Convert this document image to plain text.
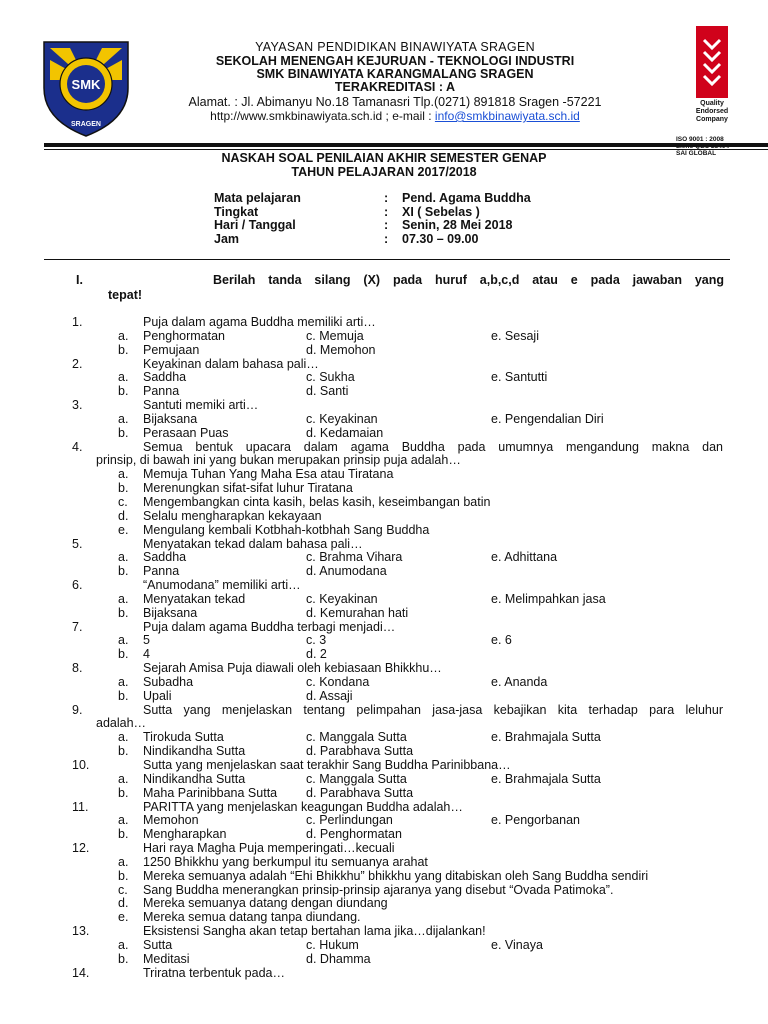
SMK
SRAGEN
Quality
Endorsed
Company
ISO 9001 : 2008
SAI GLOBAL
YAYASAN PENDIDIKAN BINAWIYATA SRAGEN
SEKOLAH MENENGAH KEJURUAN - TEKNOLOGI INDUSTRI
SMK BINAWIYATA KARANGMALANG SRAGEN
TERAKREDITASI : A
Alamat. : Jl. Abimanyu No.18 Tamanasri Tlp.(0271) 891818 Sragen -57221
http://www.smkbinawiyata.sch.id ; e-mail : info@smkbinawiyata.sch.id
NASKAH SOAL PENILAIAN AKHIR SEMESTER GENAP
TAHUN PELAJARAN 2017/2018
Mata pelajaran	: Pend. Agama Buddha
Tingkat	: XI ( Sebelas )
Hari / Tanggal	: Senin, 28 Mei 2018
Jam	: 07.30 – 09.00
I.	Berilah tanda silang (X) pada huruf a,b,c,d atau e pada jawaban yang
tepat!
1.	Puja dalam agama Buddha memiliki arti…
a. Penghormatan	c. Memuja	e. Sesaji
b. Pemujaan	d. Memohon
2.	Keyakinan dalam bahasa pali…
a. Saddha	c. Sukha	e. Santutti
b. Panna	d. Santi
3.	Santuti memiki arti…
a. Bijaksana	c. Keyakinan	e. Pengendalian Diri
b. Perasaan Puas	d. Kedamaian
4.	Semua bentuk upacara dalam agama Buddha pada umumnya mengandung makna dan
prinsip, di bawah ini yang bukan merupakan prinsip puja adalah…
a. Memuja Tuhan Yang Maha Esa atau Tiratana
b. Merenungkan sifat-sifat luhur Tiratana
c. Mengembangkan cinta kasih, belas kasih, keseimbangan batin
d. Selalu mengharapkan kekayaan
e. Mengulang kembali Kotbhah-kotbhah Sang Buddha
5.	Menyatakan tekad dalam bahasa pali…
a. Saddha	c. Brahma Vihara	e. Adhittana
b. Panna	d. Anumodana
6.	“Anumodana” memiliki arti…
a. Menyatakan tekad	c. Keyakinan	e. Melimpahkan jasa
b. Bijaksana	d. Kemurahan hati
7.	Puja dalam agama Buddha terbagi menjadi…
a. 5	c. 3	e. 6
b. 4	d. 2
8.	Sejarah Amisa Puja diawali oleh kebiasaan Bhikkhu…
a. Subadha	c. Kondana	e. Ananda
b. Upali	d. Assaji
9.	Sutta yang menjelaskan tentang pelimpahan jasa-jasa kebajikan kita terhadap para leluhur
adalah…
a. Tirokuda Sutta	c. Manggala Sutta	e. Brahmajala Sutta
b. Nindikandha Sutta	d. Parabhava Sutta
10.	Sutta yang menjelaskan saat terakhir Sang Buddha Parinibbana…
a. Nindikandha Sutta	c. Manggala Sutta	e. Brahmajala Sutta
b. Maha Parinibbana Sutta d. Parabhava Sutta
11.	PARITTA yang menjelaskan keagungan Buddha adalah…
a. Memohon	c. Perlindungan	e. Pengorbanan
b. Mengharapkan	d. Penghormatan
12.	Hari raya Magha Puja memperingati…kecuali
a. 1250 Bhikkhu yang berkumpul itu semuanya arahat
b. Mereka semuanya adalah “Ehi Bhikkhu” bhikkhu yang ditabiskan oleh Sang Buddha sendiri
c. Sang Buddha menerangkan prinsip-prinsip ajaranya yang disebut “Ovada Patimoka”.
d. Mereka semuanya datang dengan diundang
e. Mereka semua datang tanpa diundang.
13.	Eksistensi Sangha akan tetap bertahan lama jika…dijalankan!
a. Sutta	c. Hukum	e. Vinaya
b. Meditasi	d. Dhamma
14.	Triratna terbentuk pada…
